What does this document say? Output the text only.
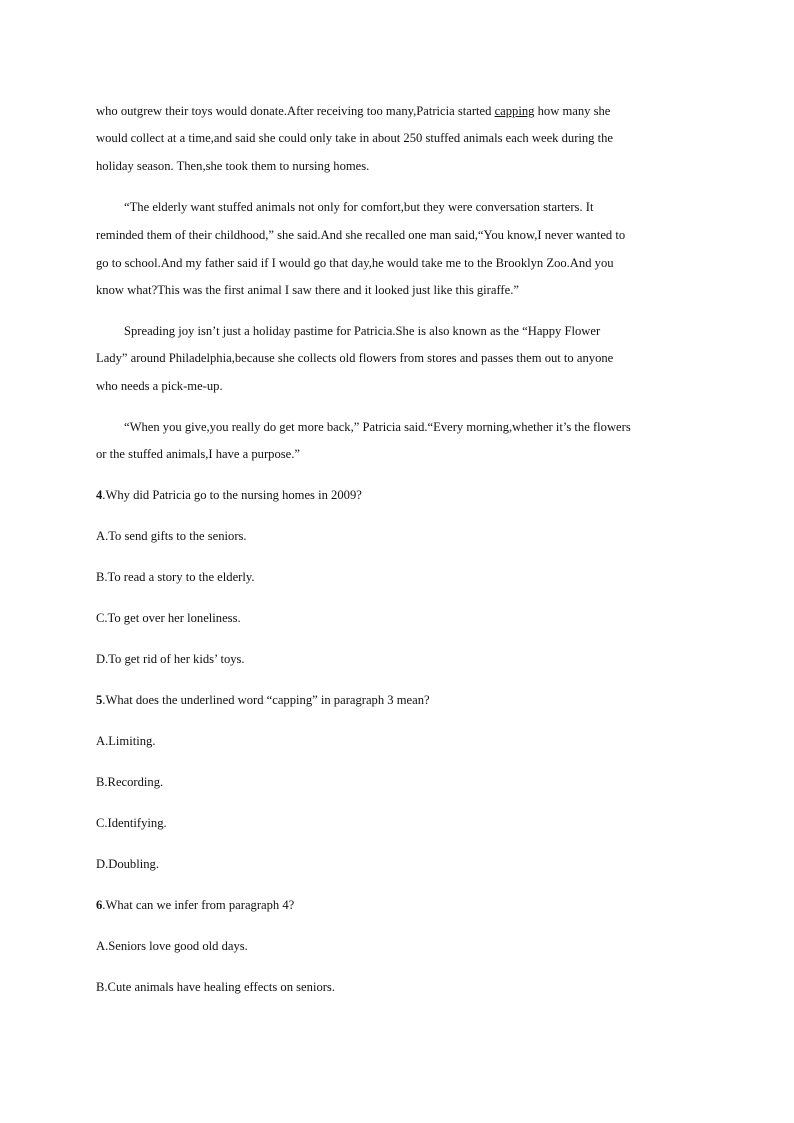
who outgrew their toys would donate.After receiving too many,Patricia started capping how many she
would collect at a time,and said she could only take in about 250 stuffed animals each week during the
holiday season. Then,she took them to nursing homes.
“The elderly want stuffed animals not only for comfort,but they were conversation starters. It
reminded them of their childhood,” she said.And she recalled one man said,“You know,I never wanted to
go to school.And my father said if I would go that day,he would take me to the Brooklyn Zoo.And you
know what?This was the first animal I saw there and it looked just like this giraffe.”
Spreading joy isn’t just a holiday pastime for Patricia.She is also known as the “Happy Flower
Lady” around Philadelphia,because she collects old flowers from stores and passes them out to anyone
who needs a pick-me-up.
“When you give,you really do get more back,” Patricia said.“Every morning,whether it’s the flowers
or the stuffed animals,I have a purpose.”
4.Why did Patricia go to the nursing homes in 2009?
A.To send gifts to the seniors.
B.To read a story to the elderly.
C.To get over her loneliness.
D.To get rid of her kids’ toys.
5.What does the underlined word “capping” in paragraph 3 mean?
A.Limiting.
B.Recording.
C.Identifying.
D.Doubling.
6.What can we infer from paragraph 4?
A.Seniors love good old days.
B.Cute animals have healing effects on seniors.
